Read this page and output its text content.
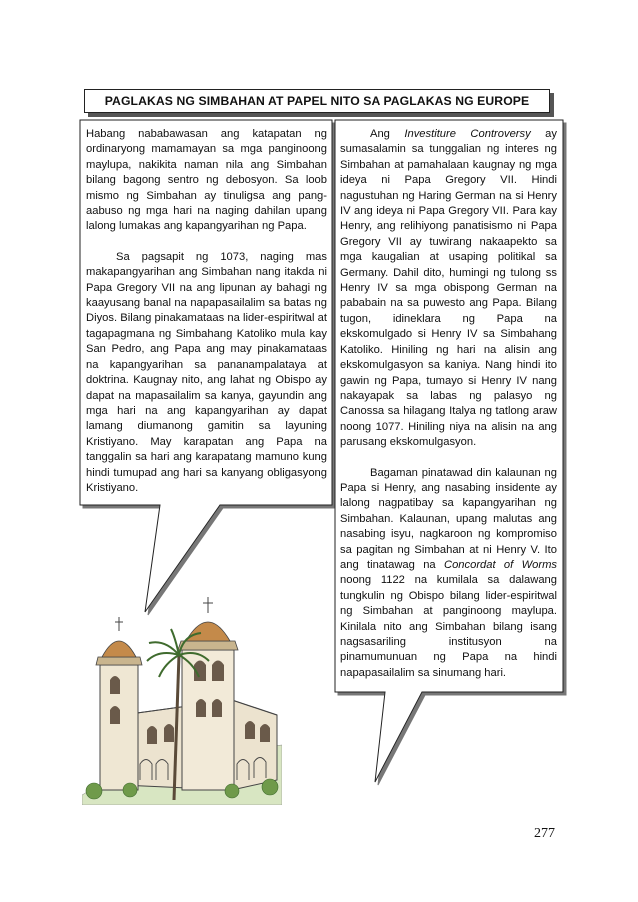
PAGLAKAS NG SIMBAHAN AT PAPEL NITO SA PAGLAKAS NG EUROPE

Habang nababawasan ang katapatan ng ordinaryong mamamayan sa mga panginoong maylupa, nakikita naman nila ang Simbahan bilang bagong sentro ng debosyon. Sa loob mismo ng Simbahan ay tinuligsa ang pang-aabuso ng mga hari na naging dahilan upang lalong lumakas ang kapangyarihan ng Papa.

Sa pagsapit ng 1073, naging mas makapangyarihan ang Simbahan nang itakda ni Papa Gregory VII na ang lipunan ay bahagi ng kaayusang banal na napapasailalim sa batas ng Diyos. Bilang pinakamataas na lider-espiritwal at tagapagmana ng Simbahang Katoliko mula kay San Pedro, ang Papa ang may pinakamataas na kapangyarihan sa pananampalataya at doktrina. Kaugnay nito, ang lahat ng Obispo ay dapat na mapasailalim sa kanya, gayundin ang mga hari na ang kapangyarihan ay dapat lamang diumanong gamitin sa layuning Kristiyano. May karapatan ang Papa na tanggalin sa hari ang karapatang mamuno kung hindi tumupad ang hari sa kanyang obligasyong Kristiyano.

Ang Investiture Controversy ay sumasalamin sa tunggalian ng interes ng Simbahan at pamahalaan kaugnay ng mga ideya ni Papa Gregory VII. Hindi nagustuhan ng Haring German na si Henry IV ang ideya ni Papa Gregory VII. Para kay Henry, ang relihiyong panatisismo ni Papa Gregory VII ay tuwirang nakaapekto sa mga kaugalian at usaping politikal sa Germany. Dahil dito, humingi ng tulong ss Henry IV sa mga obispong German na pababain na sa puwesto ang Papa. Bilang tugon, idineklara ng Papa na ekskomulgado si Henry IV sa Simbahang Katoliko. Hiniling ng hari na alisin ang ekskomulgasyon sa kaniya. Nang hindi ito gawin ng Papa, tumayo si Henry IV nang nakayapak sa labas ng palasyo ng Canossa sa hilagang Italya ng tatlong araw noong 1077. Hiniling niya na alisin na ang parusang ekskomulgasyon.

Bagaman pinatawad din kalaunan ng Papa si Henry, ang nasabing insidente ay lalong nagpatibay sa kapangyarihan ng Simbahan. Kalaunan, upang malutas ang nasabing isyu, nagkaroon ng kompromiso sa pagitan ng Simbahan at ni Henry V. Ito ang tinatawag na Concordat of Worms noong 1122 na kumilala sa dalawang tungkulin ng Obispo bilang lider-espiritwal ng Simbahan at panginoong maylupa. Kinilala nito ang Simbahan bilang isang nagsasariling institusyon na pinamumunuan ng Papa na hindi napapasailalim sa sinumang hari.

277
